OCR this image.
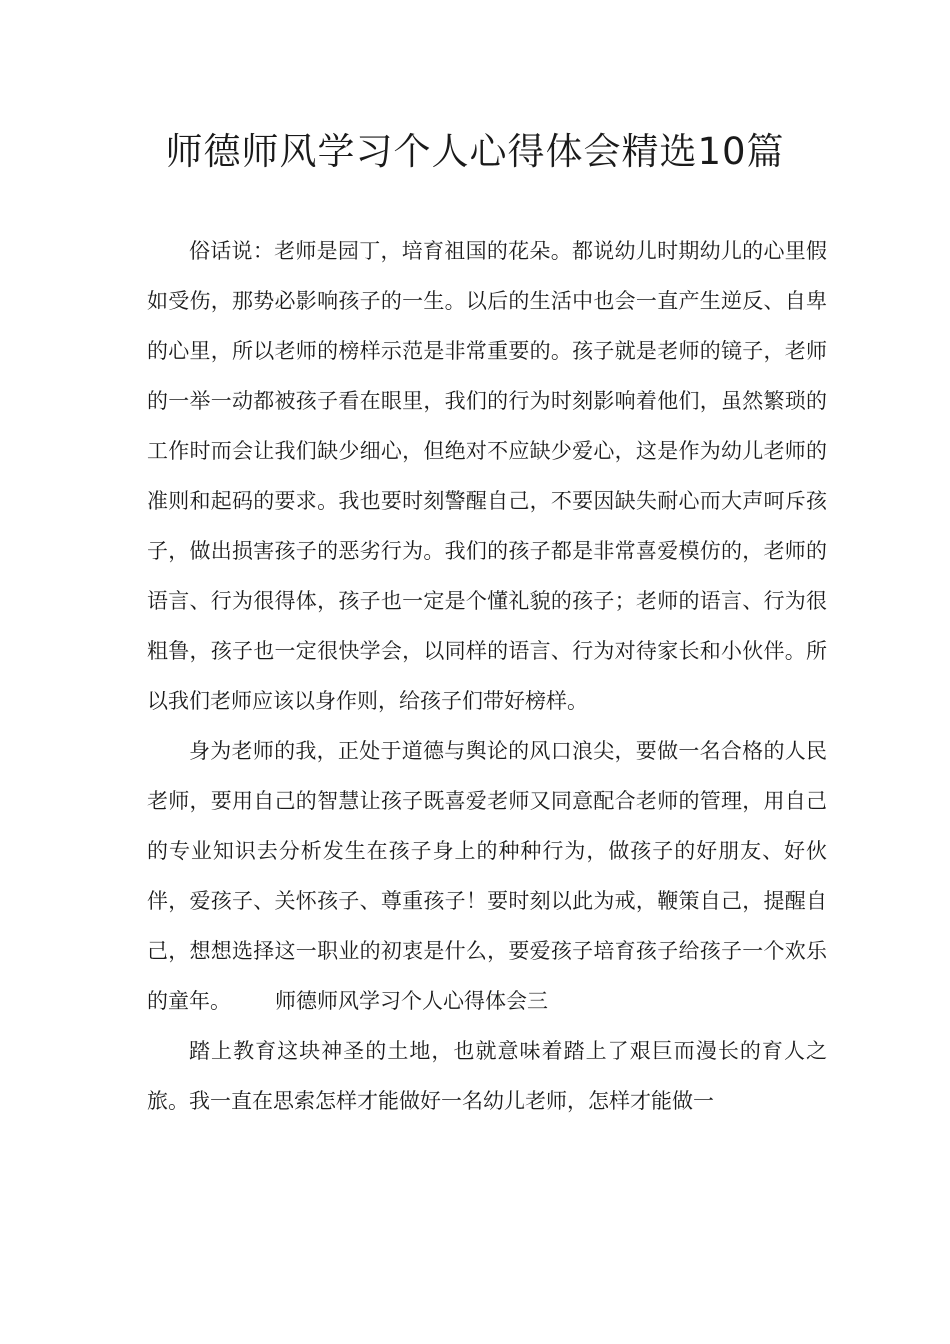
师德师风学习个人心得体会精选10篇

俗话说：老师是园丁，培育祖国的花朵。都说幼儿时期幼儿的心里假如受伤，那势必影响孩子的一生。以后的生活中也会一直产生逆反、自卑的心里，所以老师的榜样示范是非常重要的。孩子就是老师的镜子，老师的一举一动都被孩子看在眼里，我们的行为时刻影响着他们，虽然繁琐的工作时而会让我们缺少细心，但绝对不应缺少爱心，这是作为幼儿老师的准则和起码的要求。我也要时刻警醒自己，不要因缺失耐心而大声呵斥孩子，做出损害孩子的恶劣行为。我们的孩子都是非常喜爱模仿的，老师的语言、行为很得体，孩子也一定是个懂礼貌的孩子；老师的语言、行为很粗鲁，孩子也一定很快学会，以同样的语言、行为对待家长和小伙伴。所以我们老师应该以身作则，给孩子们带好榜样。

身为老师的我，正处于道德与舆论的风口浪尖，要做一名合格的人民老师，要用自己的智慧让孩子既喜爱老师又同意配合老师的管理，用自己的专业知识去分析发生在孩子身上的种种行为，做孩子的好朋友、好伙伴，爱孩子、关怀孩子、尊重孩子！要时刻以此为戒，鞭策自己，提醒自己，想想选择这一职业的初衷是什么，要爱孩子培育孩子给孩子一个欢乐的童年。 师德师风学习个人心得体会三

踏上教育这块神圣的土地，也就意味着踏上了艰巨而漫长的育人之旅。我一直在思索怎样才能做好一名幼儿老师，怎样才能做一
